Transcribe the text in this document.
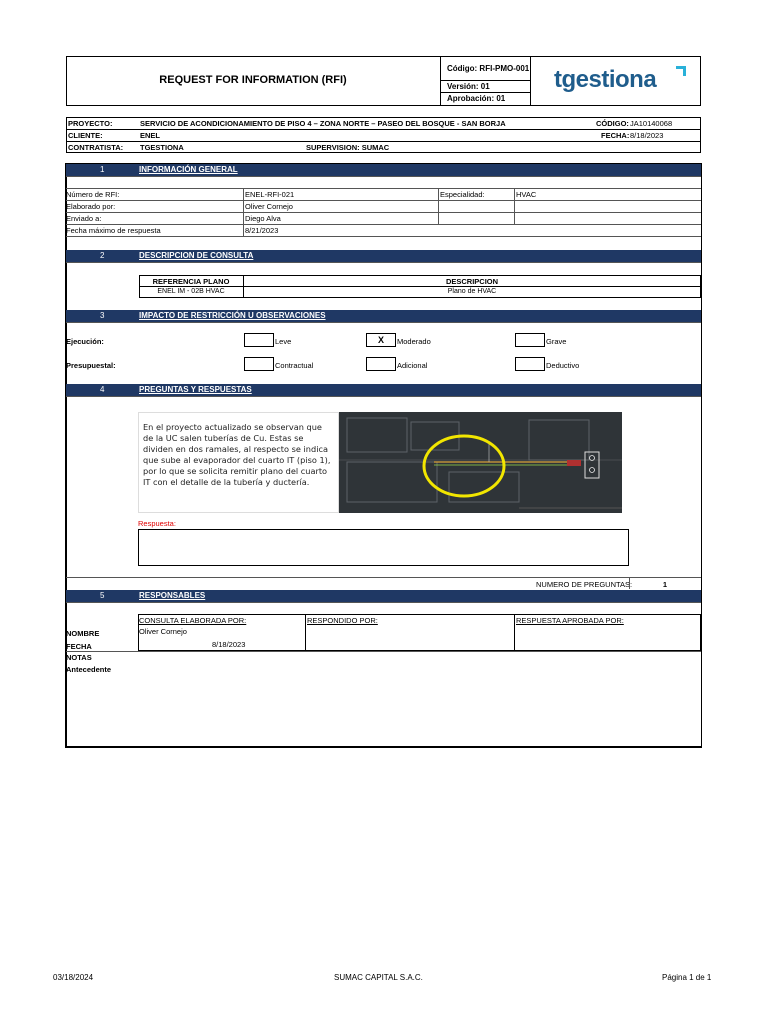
REQUEST FOR INFORMATION (RFI)
Código: RFI-PMO-001
Versión: 01
Aprobación: 01
tgestiona
PROYECTO:	SERVICIO DE ACONDICIONAMIENTO DE PISO 4 – ZONA NORTE – PASEO DEL BOSQUE - SAN BORJA	CÓDIGO: JA10140068
CLIENTE:	ENEL	FECHA: 8/18/2023
CONTRATISTA: TGESTIONA	SUPERVISION: SUMAC
1	INFORMACIÓN GENERAL
Número de RFI:	ENEL-RFI-021	Especialidad:	HVAC
Elaborado por:	Oliver Cornejo
Enviado a:	Diego Alva
Fecha máximo de respuesta	8/21/2023
2	DESCRIPCION DE CONSULTA
REFERENCIA PLANO	DESCRIPCION
ENEL IM - 02B HVAC	Plano de HVAC
3	IMPACTO DE RESTRICCIÓN U OBSERVACIONES
Ejecución:	Leve	X	Moderado	Grave
Presupuestal:	Contractual	Adicional	Deductivo
4	PREGUNTAS Y RESPUESTAS
En el proyecto actualizado se observan que de la UC salen tuberías de Cu. Estas se dividen en dos ramales, al respecto se indica que sube al evaporador del cuarto IT (piso 1), por lo que se solicita remitir plano del cuarto IT con el detalle de la tubería y ductería.
Respuesta:
NUMERO DE PREGUNTAS:	1
5	RESPONSABLES
CONSULTA ELABORADA POR:	RESPONDIDO POR:	RESPUESTA APROBADA POR:
NOMBRE	Oliver Cornejo
FECHA	8/18/2023
NOTAS
Antecedente
03/18/2024	SUMAC CAPITAL S.A.C.	Página 1 de 1
